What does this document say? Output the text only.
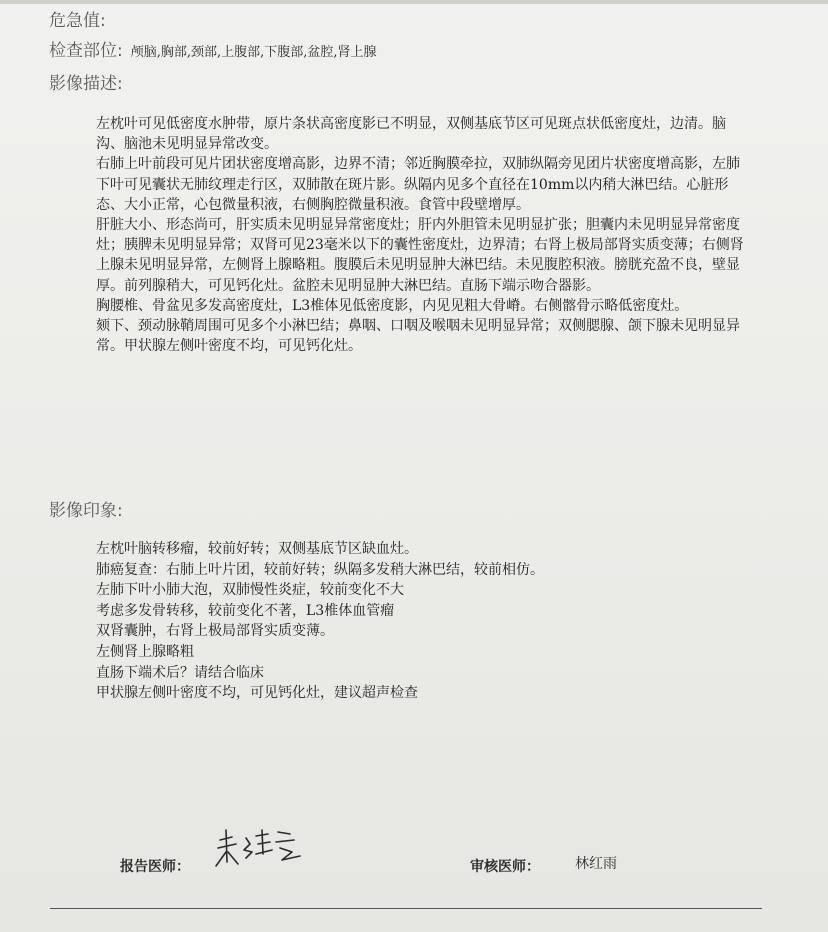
危急值:
检查部位: 颅脑,胸部,颈部,上腹部,下腹部,盆腔,肾上腺
影像描述:

左枕叶可见低密度水肿带，原片条状高密度影已不明显，双侧基底节区可见斑点状低密度灶，边清。脑沟、脑池未见明显异常改变。

右肺上叶前段可见片团状密度增高影，边界不清；邻近胸膜牵拉，双肺纵隔旁见团片状密度增高影，左肺下叶可见囊状无肺纹理走行区，双肺散在斑片影。纵隔内见多个直径在10mm以内稍大淋巴结。心脏形态、大小正常，心包微量积液，右侧胸腔微量积液。食管中段壁增厚。

肝脏大小、形态尚可，肝实质未见明显异常密度灶；肝内外胆管未见明显扩张；胆囊内未见明显异常密度灶；胰脾未见明显异常；双肾可见23毫米以下的囊性密度灶，边界清；右肾上极局部肾实质变薄；右侧肾上腺未见明显异常，左侧肾上腺略粗。腹膜后未见明显肿大淋巴结。未见腹腔积液。膀胱充盈不良，壁显厚。前列腺稍大，可见钙化灶。盆腔未见明显肿大淋巴结。直肠下端示吻合器影。

胸腰椎、骨盆见多发高密度灶，L3椎体见低密度影，内见见粗大骨嵴。右侧髂骨示略低密度灶。

颏下、颈动脉鞘周围可见多个小淋巴结；鼻咽、口咽及喉咽未见明显异常；双侧腮腺、颌下腺未见明显异常。甲状腺左侧叶密度不均，可见钙化灶。

影像印象:
左枕叶脑转移瘤，较前好转；双侧基底节区缺血灶。
肺癌复查：右肺上叶片团，较前好转；纵隔多发稍大淋巴结，较前相仿。
左肺下叶小肺大泡，双肺慢性炎症，较前变化不大
考虑多发骨转移，较前变化不著，L3椎体血管瘤
双肾囊肿，右肾上极局部肾实质变薄。
左侧肾上腺略粗
直肠下端术后？请结合临床
甲状腺左侧叶密度不均，可见钙化灶，建议超声检查
报告医师：	审核医师：	林红雨
